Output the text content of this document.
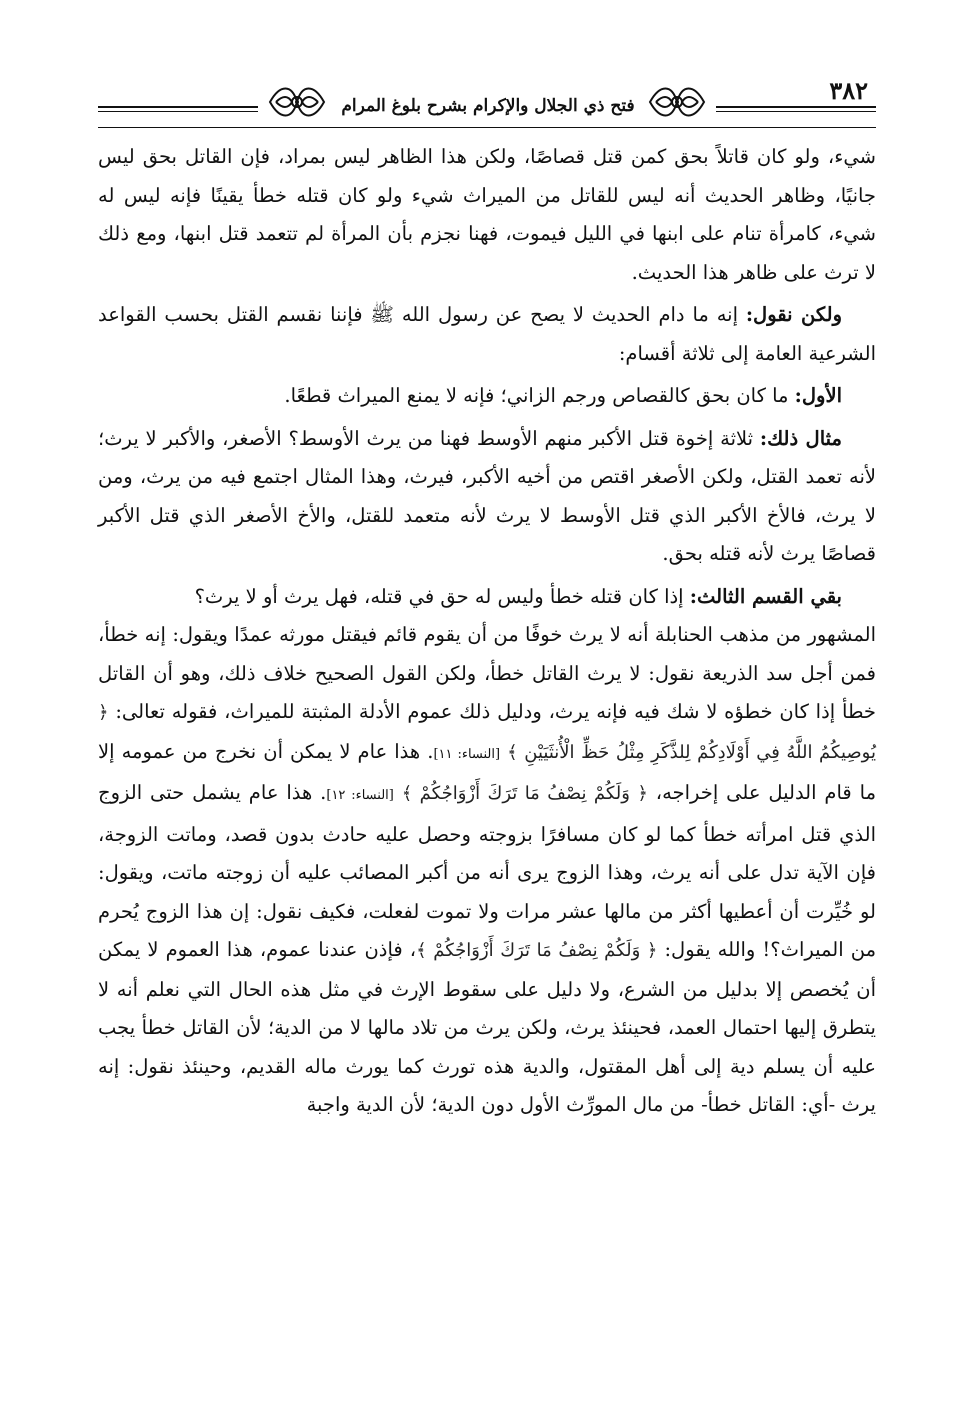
٣٨٢
فتح ذي الجلال والإكرام بشرح بلوغ المرام

شيء، ولو كان قاتلاً بحق كمن قتل قصاصًا، ولكن هذا الظاهر ليس بمراد، فإن القاتل بحق ليس جانيًا، وظاهر الحديث أنه ليس للقاتل من الميراث شيء ولو كان قتله خطأ يقينًا فإنه ليس له شيء، كامرأة تنام على ابنها في الليل فيموت، فهنا نجزم بأن المرأة لم تتعمد قتل ابنها، ومع ذلك لا ترث على ظاهر هذا الحديث.

ولكن نقول: إنه ما دام الحديث لا يصح عن رسول الله ﷺ فإننا نقسم القتل بحسب القواعد الشرعية العامة إلى ثلاثة أقسام:

الأول: ما كان بحق كالقصاص ورجم الزاني؛ فإنه لا يمنع الميراث قطعًا.

مثال ذلك: ثلاثة إخوة قتل الأكبر منهم الأوسط فهنا من يرث الأوسط؟ الأصغر، والأكبر لا يرث؛ لأنه تعمد القتل، ولكن الأصغر اقتص من أخيه الأكبر، فيرث، وهذا المثال اجتمع فيه من يرث، ومن لا يرث، فالأخ الأكبر الذي قتل الأوسط لا يرث لأنه متعمد للقتل، والأخ الأصغر الذي قتل الأكبر قصاصًا يرث لأنه قتله بحق.

بقي القسم الثالث: إذا كان قتله خطأ وليس له حق في قتله، فهل يرث أو لا يرث؟

المشهور من مذهب الحنابلة أنه لا يرث خوفًا من أن يقوم قائم فيقتل مورثه عمدًا ويقول: إنه خطأ، فمن أجل سد الذريعة نقول: لا يرث القاتل خطأ، ولكن القول الصحيح خلاف ذلك، وهو أن القاتل خطأ إذا كان خطؤه لا شك فيه فإنه يرث، ودليل ذلك عموم الأدلة المثبتة للميراث، فقوله تعالى: ﴿ يُوصِيكُمُ اللَّهُ فِي أَوْلَادِكُمْ لِلذَّكَرِ مِثْلُ حَظِّ الْأُنثَيَيْنِ ﴾ [النساء: ١١]. هذا عام لا يمكن أن نخرج من عمومه إلا ما قام الدليل على إخراجه، ﴿ وَلَكُمْ نِصْفُ مَا تَرَكَ أَزْوَاجُكُمْ ﴾ [النساء: ١٢]. هذا عام يشمل حتى الزوج الذي قتل امرأته خطأ كما لو كان مسافرًا بزوجته وحصل عليه حادث بدون قصد، وماتت الزوجة، فإن الآية تدل على أنه يرث، وهذا الزوج يرى أنه من أكبر المصائب عليه أن زوجته ماتت، ويقول: لو خُيِّرت أن أعطيها أكثر من مالها عشر مرات ولا تموت لفعلت، فكيف نقول: إن هذا الزوج يُحرم من الميراث؟! والله يقول: ﴿ وَلَكُمْ نِصْفُ مَا تَرَكَ أَزْوَاجُكُمْ ﴾، فإذن عندنا عموم، هذا العموم لا يمكن أن يُخصص إلا بدليل من الشرع، ولا دليل على سقوط الإرث في مثل هذه الحال التي نعلم أنه لا يتطرق إليها احتمال العمد، فحينئذ يرث، ولكن يرث من تلاد مالها لا من الدية؛ لأن القاتل خطأ يجب عليه أن يسلم دية إلى أهل المقتول، والدية هذه تورث كما يورث ماله القديم، وحينئذ نقول: إنه يرث -أي: القاتل خطأ- من مال المورِّث الأول دون الدية؛ لأن الدية واجبة
